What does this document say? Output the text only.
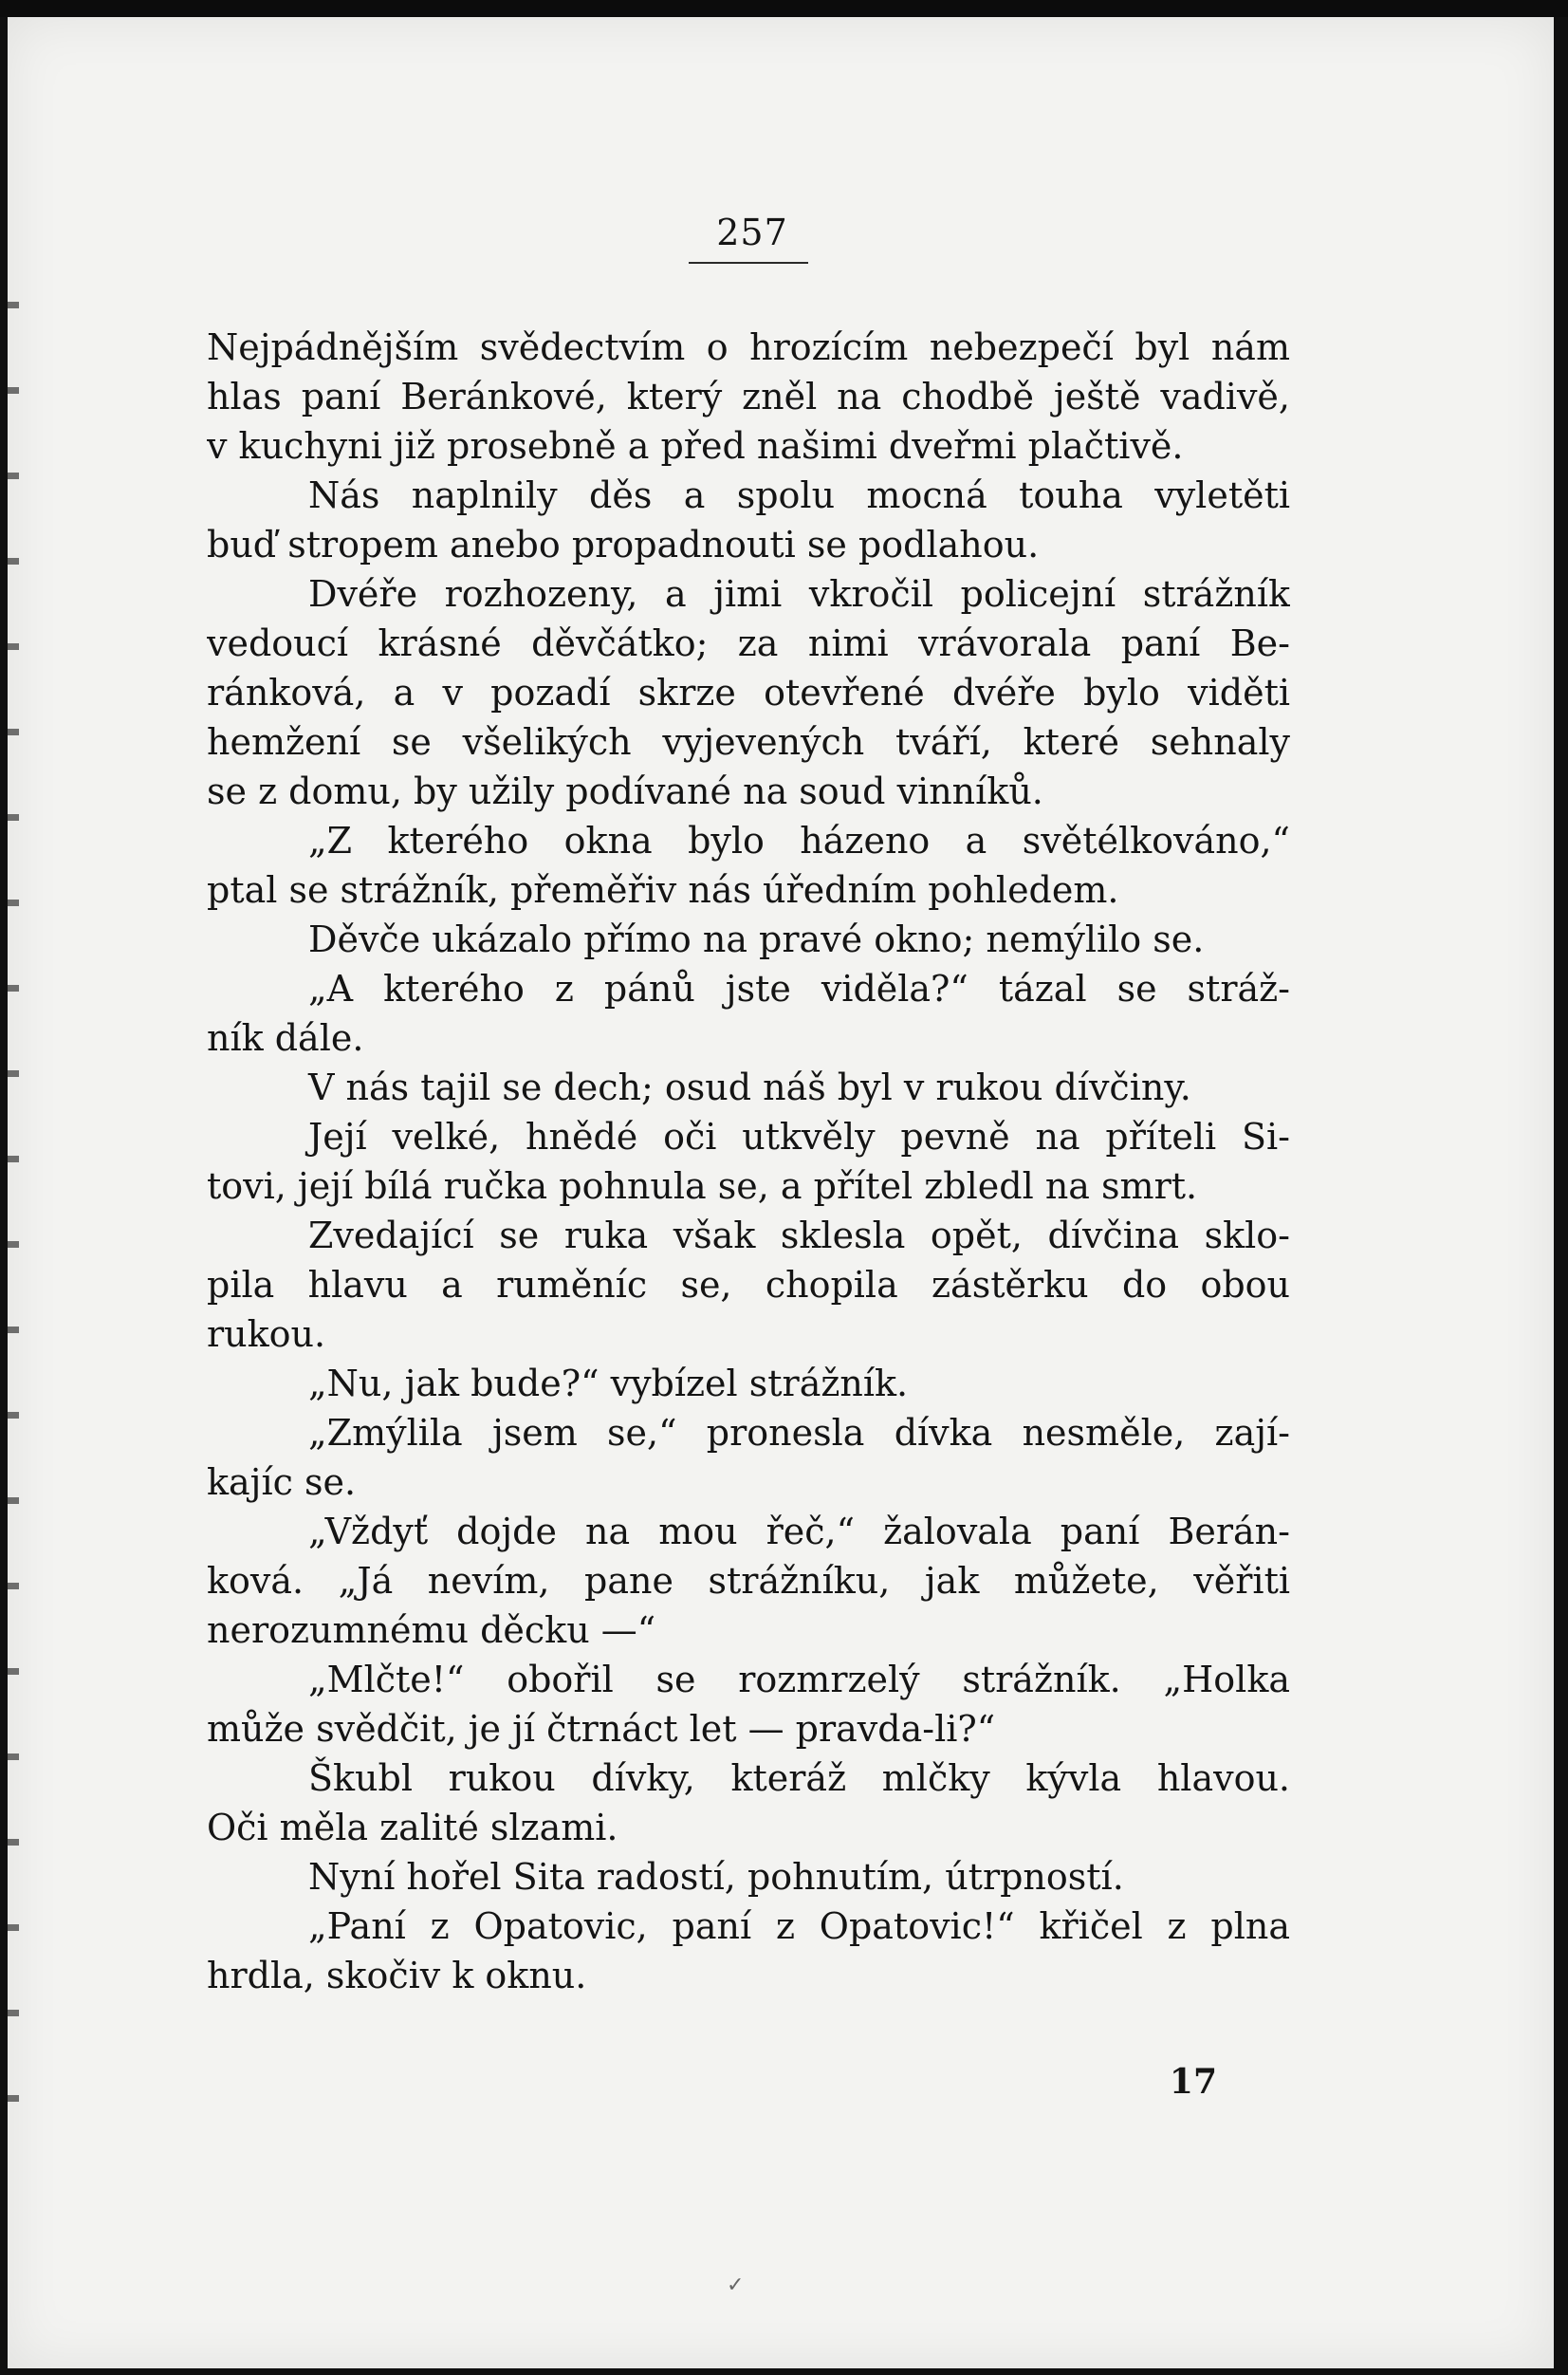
257
Nejpádnějším svědectvím o hrozícím nebezpečí byl nám
hlas paní Beránkové, který zněl na chodbě ještě vadivě,
v kuchyni již prosebně a před našimi dveřmi plačtivě.
Nás naplnily děs a spolu mocná touha vyletěti
buď stropem anebo propadnouti se podlahou.
Dvéře rozhozeny, a jimi vkročil policejní strážník
vedoucí krásné děvčátko; za nimi vrávorala paní Be-
ránková, a v pozadí skrze otevřené dvéře bylo viděti
hemžení se všelikých vyjevených tváří, které sehnaly
se z domu, by užily podívané na soud vinníků.
„Z kterého okna bylo házeno a světélkováno,“
ptal se strážník, přeměřiv nás úředním pohledem.
Děvče ukázalo přímo na pravé okno; nemýlilo se.
„A kterého z pánů jste viděla?“ tázal se stráž-
ník dále.
V nás tajil se dech; osud náš byl v rukou dívčiny.
Její velké, hnědé oči utkvěly pevně na příteli Si-
tovi, její bílá ručka pohnula se, a přítel zbledl na smrt.
Zvedající se ruka však sklesla opět, dívčina sklo-
pila hlavu a ruměníc se, chopila zástěrku do obou
rukou.
„Nu, jak bude?“ vybízel strážník.
„Zmýlila jsem se,“ pronesla dívka nesměle, zají-
kajíc se.
„Vždyť dojde na mou řeč,“ žalovala paní Berán-
ková. „Já nevím, pane strážníku, jak můžete, věřiti
nerozumnému děcku —“
„Mlčte!“ obořil se rozmrzelý strážník. „Holka
může svědčit, je jí čtrnáct let — pravda-li?“
Škubl rukou dívky, kteráž mlčky kývla hlavou.
Oči měla zalité slzami.
Nyní hořel Sita radostí, pohnutím, útrpností.
„Paní z Opatovic, paní z Opatovic!“ křičel z plna
hrdla, skočiv k oknu.
17
✓
